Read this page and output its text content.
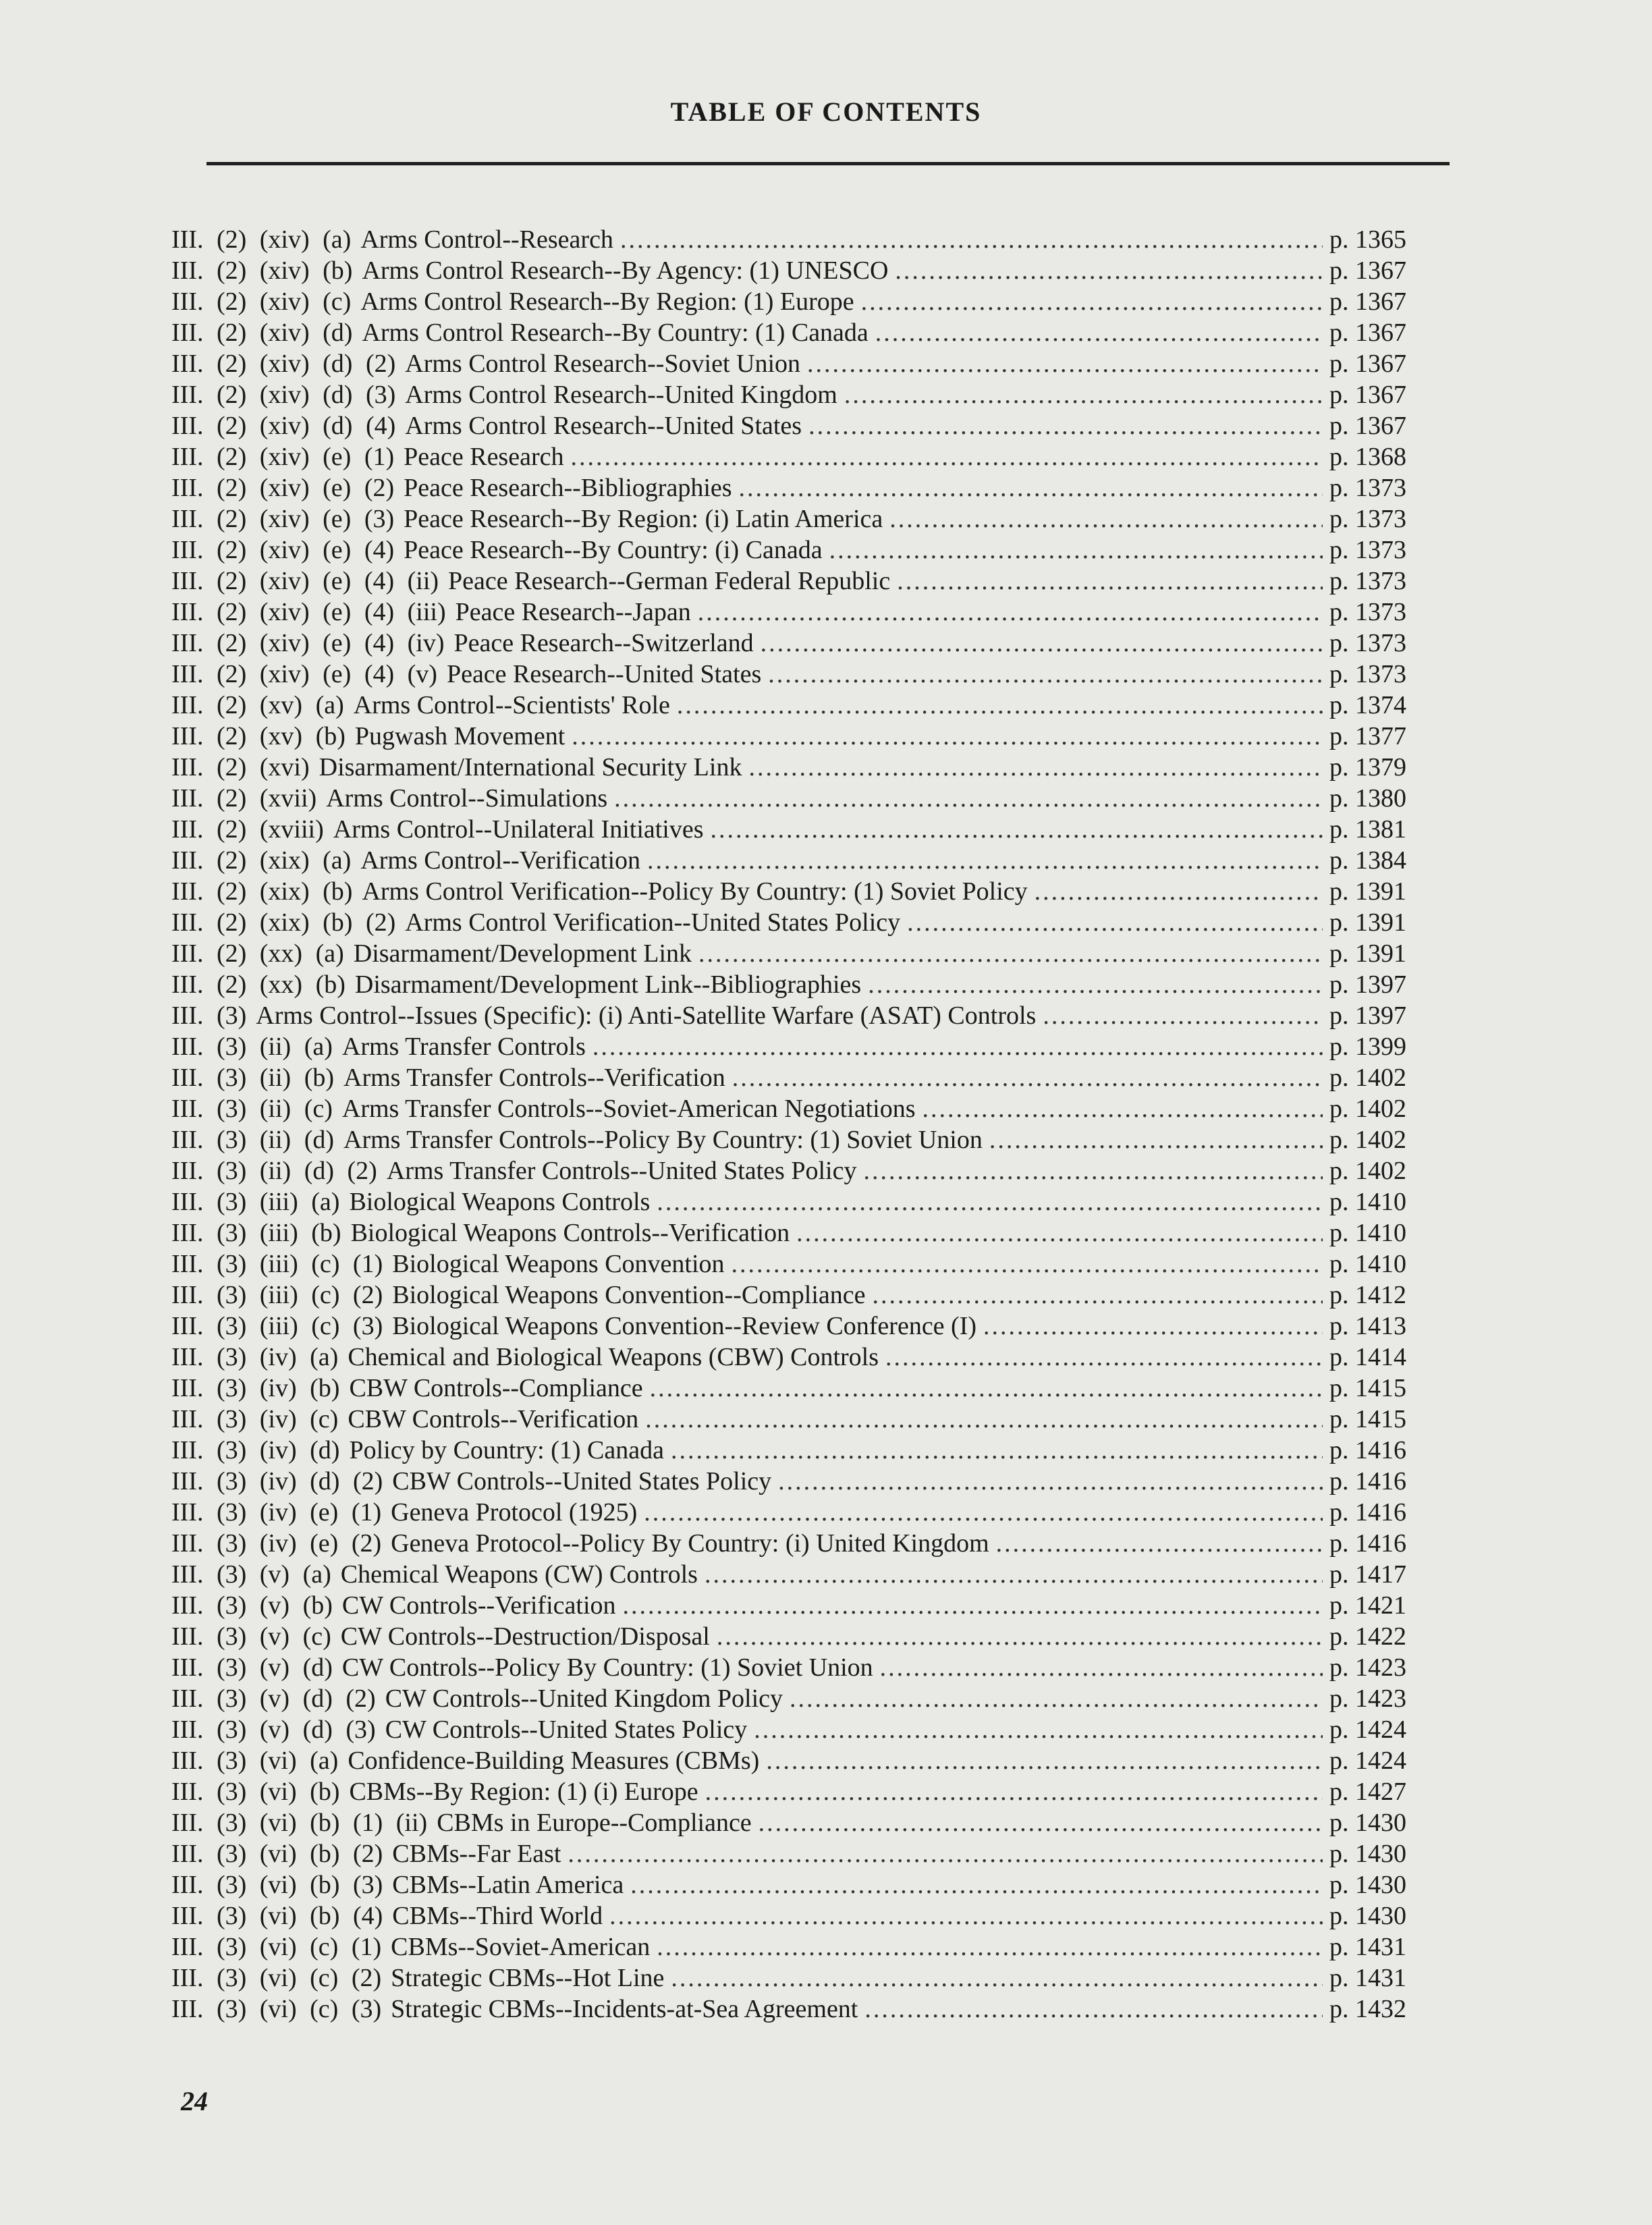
TABLE OF CONTENTS
III. (2) (xiv) (a) Arms Control--Research .....	p. 1365
III. (2) (xiv) (b) Arms Control Research--By Agency: (1) UNESCO .....	p. 1367
III. (2) (xiv) (c) Arms Control Research--By Region: (1) Europe .....	p. 1367
III. (2) (xiv) (d) Arms Control Research--By Country: (1) Canada .....	p. 1367
III. (2) (xiv) (d) (2) Arms Control Research--Soviet Union .....	p. 1367
III. (2) (xiv) (d) (3) Arms Control Research--United Kingdom .....	p. 1367
III. (2) (xiv) (d) (4) Arms Control Research--United States .....	p. 1367
III. (2) (xiv) (e) (1) Peace Research .....	p. 1368
III. (2) (xiv) (e) (2) Peace Research--Bibliographies .....	p. 1373
III. (2) (xiv) (e) (3) Peace Research--By Region: (i) Latin America .....	p. 1373
III. (2) (xiv) (e) (4) Peace Research--By Country: (i) Canada .....	p. 1373
III. (2) (xiv) (e) (4) (ii) Peace Research--German Federal Republic .....	p. 1373
III. (2) (xiv) (e) (4) (iii) Peace Research--Japan .....	p. 1373
III. (2) (xiv) (e) (4) (iv) Peace Research--Switzerland .....	p. 1373
III. (2) (xiv) (e) (4) (v) Peace Research--United States .....	p. 1373
III. (2) (xv) (a) Arms Control--Scientists' Role .....	p. 1374
III. (2) (xv) (b) Pugwash Movement .....	p. 1377
III. (2) (xvi) Disarmament/International Security Link .....	p. 1379
III. (2) (xvii) Arms Control--Simulations .....	p. 1380
III. (2) (xviii) Arms Control--Unilateral Initiatives .....	p. 1381
III. (2) (xix) (a) Arms Control--Verification .....	p. 1384
III. (2) (xix) (b) Arms Control Verification--Policy By Country: (1) Soviet Policy .....	p. 1391
III. (2) (xix) (b) (2) Arms Control Verification--United States Policy .....	p. 1391
III. (2) (xx) (a) Disarmament/Development Link .....	p. 1391
III. (2) (xx) (b) Disarmament/Development Link--Bibliographies .....	p. 1397
III. (3) Arms Control--Issues (Specific): (i) Anti-Satellite Warfare (ASAT) Controls .....	p. 1397
III. (3) (ii) (a) Arms Transfer Controls .....	p. 1399
III. (3) (ii) (b) Arms Transfer Controls--Verification .....	p. 1402
III. (3) (ii) (c) Arms Transfer Controls--Soviet-American Negotiations .....	p. 1402
III. (3) (ii) (d) Arms Transfer Controls--Policy By Country: (1) Soviet Union .....	p. 1402
III. (3) (ii) (d) (2) Arms Transfer Controls--United States Policy .....	p. 1402
III. (3) (iii) (a) Biological Weapons Controls .....	p. 1410
III. (3) (iii) (b) Biological Weapons Controls--Verification .....	p. 1410
III. (3) (iii) (c) (1) Biological Weapons Convention .....	p. 1410
III. (3) (iii) (c) (2) Biological Weapons Convention--Compliance .....	p. 1412
III. (3) (iii) (c) (3) Biological Weapons Convention--Review Conference (I) .....	p. 1413
III. (3) (iv) (a) Chemical and Biological Weapons (CBW) Controls .....	p. 1414
III. (3) (iv) (b) CBW Controls--Compliance .....	p. 1415
III. (3) (iv) (c) CBW Controls--Verification .....	p. 1415
III. (3) (iv) (d) Policy by Country: (1) Canada .....	p. 1416
III. (3) (iv) (d) (2) CBW Controls--United States Policy .....	p. 1416
III. (3) (iv) (e) (1) Geneva Protocol (1925) .....	p. 1416
III. (3) (iv) (e) (2) Geneva Protocol--Policy By Country: (i) United Kingdom .....	p. 1416
III. (3) (v) (a) Chemical Weapons (CW) Controls .....	p. 1417
III. (3) (v) (b) CW Controls--Verification .....	p. 1421
III. (3) (v) (c) CW Controls--Destruction/Disposal .....	p. 1422
III. (3) (v) (d) CW Controls--Policy By Country: (1) Soviet Union .....	p. 1423
III. (3) (v) (d) (2) CW Controls--United Kingdom Policy .....	p. 1423
III. (3) (v) (d) (3) CW Controls--United States Policy .....	p. 1424
III. (3) (vi) (a) Confidence-Building Measures (CBMs) .....	p. 1424
III. (3) (vi) (b) CBMs--By Region: (1) (i) Europe .....	p. 1427
III. (3) (vi) (b) (1) (ii) CBMs in Europe--Compliance .....	p. 1430
III. (3) (vi) (b) (2) CBMs--Far East .....	p. 1430
III. (3) (vi) (b) (3) CBMs--Latin America .....	p. 1430
III. (3) (vi) (b) (4) CBMs--Third World .....	p. 1430
III. (3) (vi) (c) (1) CBMs--Soviet-American .....	p. 1431
III. (3) (vi) (c) (2) Strategic CBMs--Hot Line .....	p. 1431
III. (3) (vi) (c) (3) Strategic CBMs--Incidents-at-Sea Agreement .....	p. 1432
24
